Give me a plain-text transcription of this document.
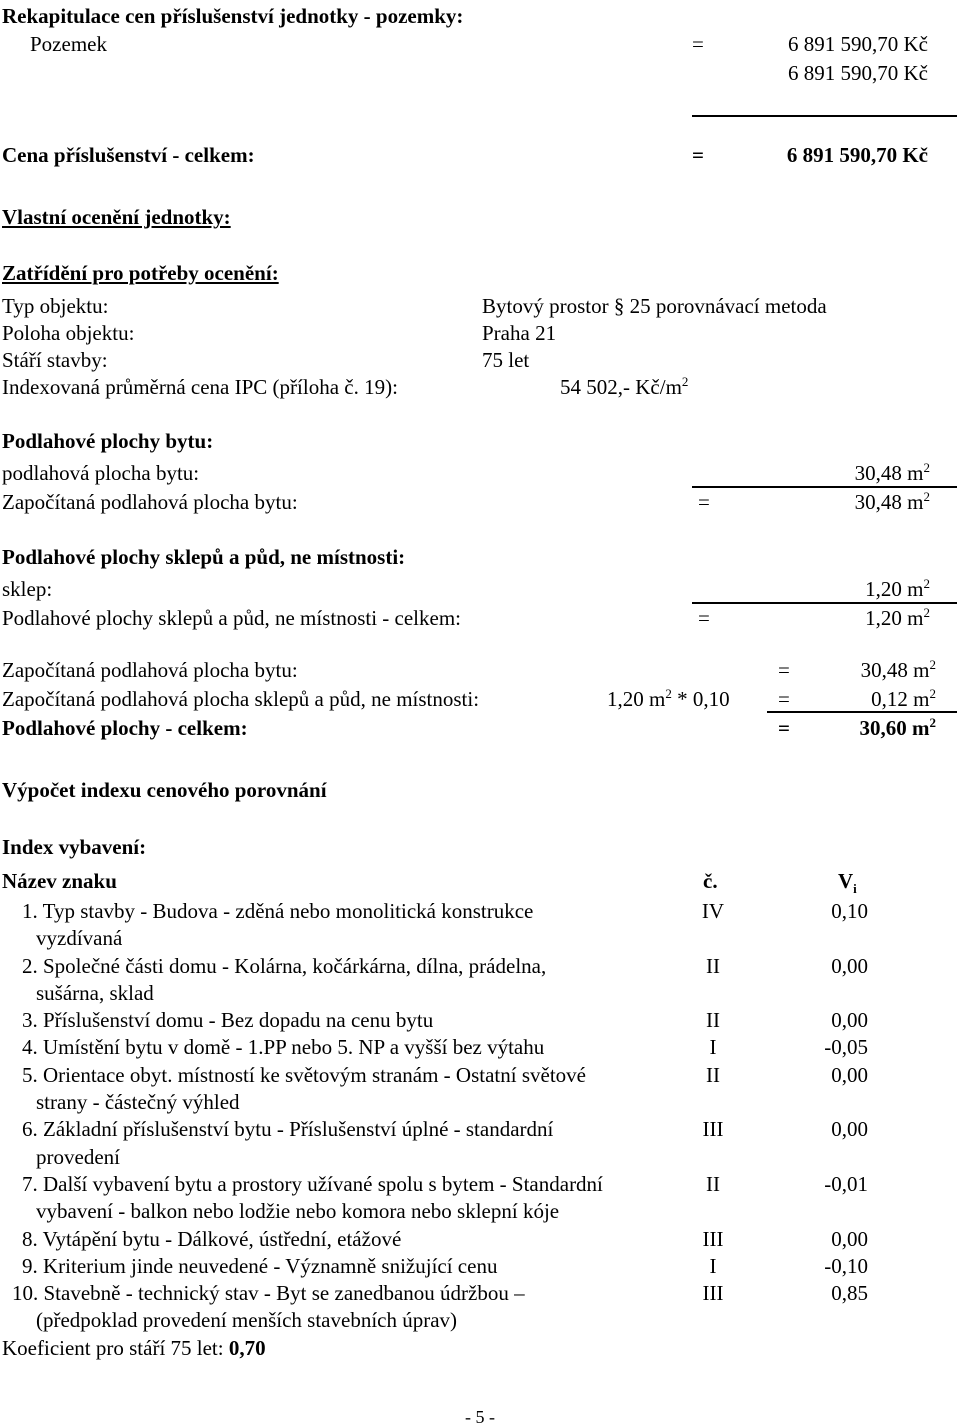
Rekapitulace cen příslušenství jednotky - pozemky:
Pozemek	=	6 891 590,70 Kč
6 891 590,70 Kč
Cena příslušenství - celkem:	=	6 891 590,70 Kč
Vlastní ocenění jednotky:
Zatřídění pro potřeby ocenění:
Typ objektu:	Bytový prostor § 25 porovnávací metoda
Poloha objektu:	Praha 21
Stáří stavby:	75 let
Indexovaná průměrná cena IPC (příloha č. 19):	54 502,- $Kč/m^2$
Podlahové plochy bytu:
podlahová plocha bytu:	30,48 $m^2$
Započítaná podlahová plocha bytu:	=	30,48 $m^2$
Podlahové plochy sklepů a půd, ne místnosti:
sklep:	1,20 $m^2$
Podlahové plochy sklepů a půd, ne místnosti - celkem:	=	1,20 $m^2$
Započítaná podlahová plocha bytu:	=	30,48 $m^2$
Započítaná podlahová plocha sklepů a půd, ne místnosti:	1,20 $m^2 * 0,10$ =	0,12 $m^2$
Podlahové plochy - celkem:	=	30,60 $m^2$
Výpočet indexu cenového porovnání
Index vybavení:
Název znaku	č.	$V_i$
1. Typ stavby - Budova - zděná nebo monolitická konstrukce	IV	0,10
vyzdívaná
2. Společné části domu - Kolárna, kočárkárna, dílna, prádelna,	II	0,00
sušárna, sklad
3. Příslušenství domu - Bez dopadu na cenu bytu	II	0,00
4. Umístění bytu v domě - 1.PP nebo 5. NP a vyšší bez výtahu	I	-0,05
5. Orientace obyt. místností ke světovým stranám - Ostatní světové	II	0,00
strany - částečný výhled
6. Základní příslušenství bytu - Příslušenství úplné - standardní	III	0,00
provedení
7. Další vybavení bytu a prostory užívané spolu s bytem - Standardní	II	-0,01
vybavení - balkon nebo lodžie nebo komora nebo sklepní kóje
8. Vytápění bytu - Dálkové, ústřední, etážové	III	0,00
9. Kriterium jinde neuvedené - Významně snižující cenu	I	-0,10
10. Stavebně - technický stav - Byt se zanedbanou údržbou –	III	0,85
(předpoklad provedení menších stavebních úprav)
Koeficient pro stáří 75 let: 0,70
- 5 -
